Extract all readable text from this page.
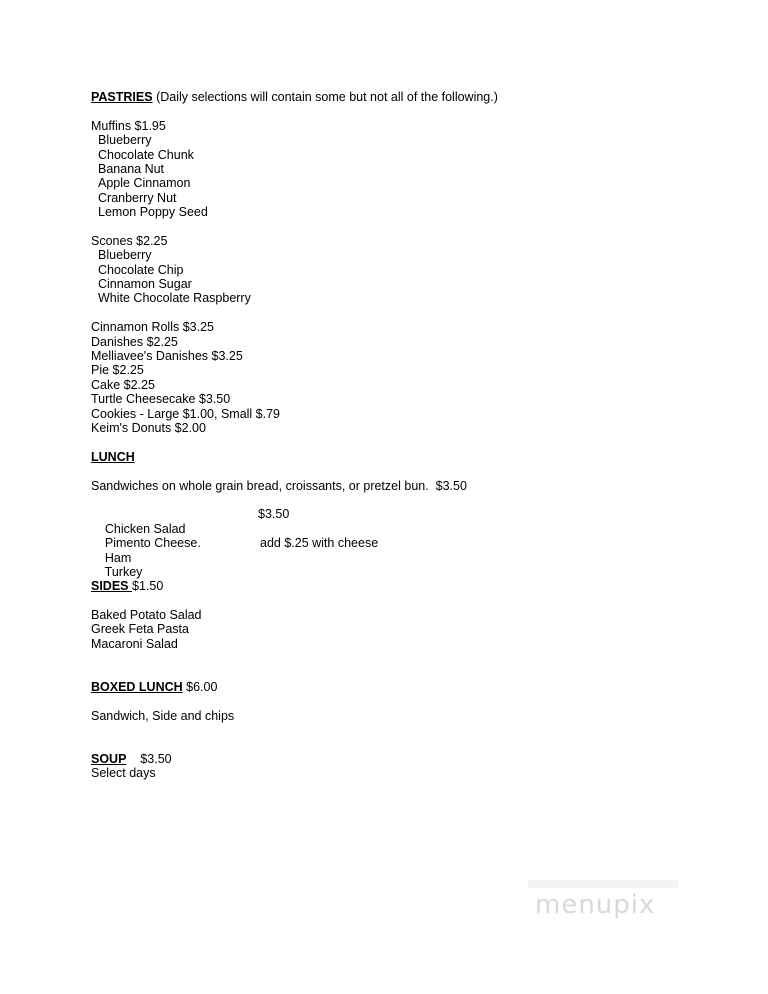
PASTRIES (Daily selections will contain some but not all of the following.)
Muffins $1.95
Blueberry
Chocolate Chunk
Banana Nut
Apple Cinnamon
Cranberry Nut
Lemon Poppy Seed
Scones $2.25
Blueberry
Chocolate Chip
Cinnamon Sugar
White Chocolate Raspberry
Cinnamon Rolls $3.25
Danishes $2.25
Melliavee's Danishes $3.25
Pie $2.25
Cake $2.25
Turtle Cheesecake $3.50
Cookies - Large $1.00, Small $.79
Keim's Donuts $2.00
LUNCH
Sandwiches on whole grain bread, croissants, or pretzel bun.  $3.50

Chicken Salad

$3.50

Pimento Cheese.

Ham

add $.25 with cheese

Turkey

SIDES $1.50
Baked Potato Salad
Greek Feta Pasta
Macaroni Salad
BOXED LUNCH $6.00
Sandwich, Side and chips
SOUP    $3.50
Select days
menupix
